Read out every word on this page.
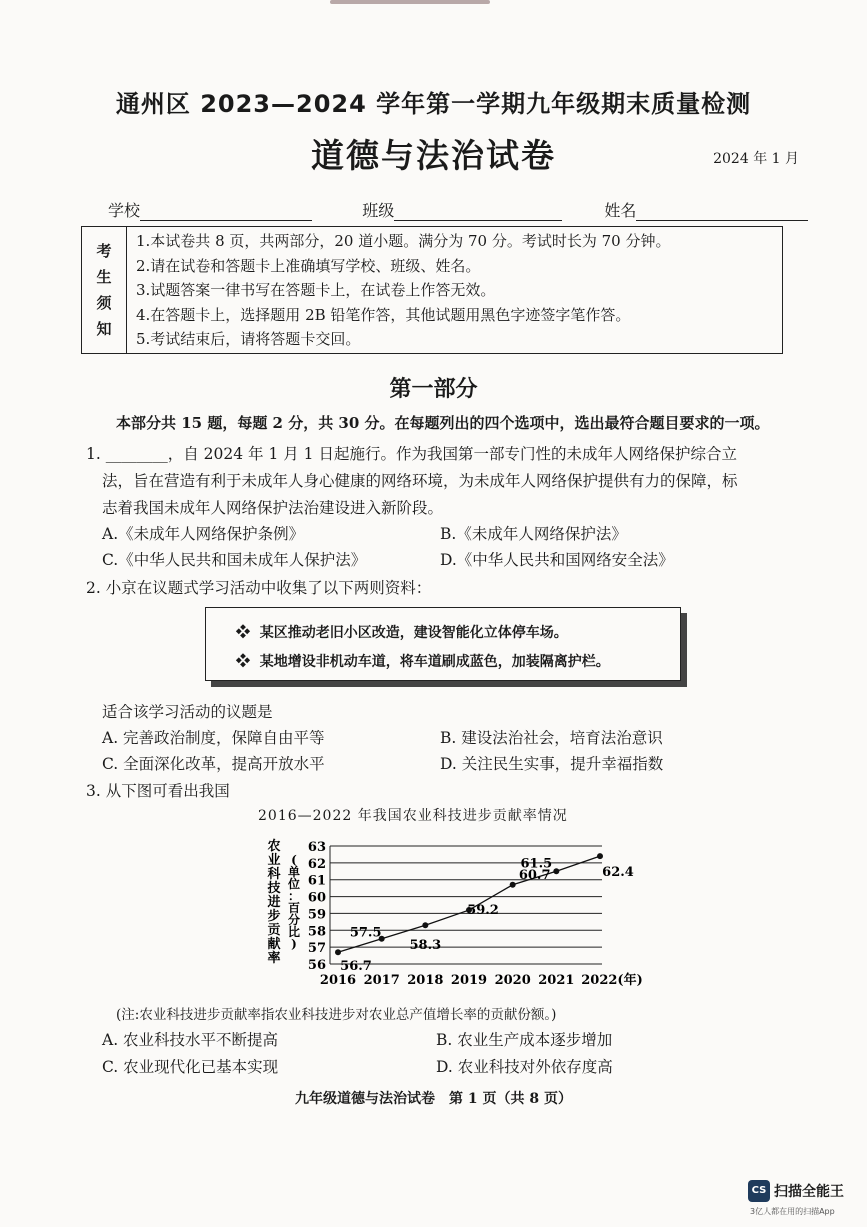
通州区 2023—2024 学年第一学期九年级期末质量检测
道德与法治试卷	2024 年 1 月
学校	班级	姓名
考
生
须
知
1.本试卷共 8 页，共两部分，20 道小题。满分为 70 分。考试时长为 70 分钟。
2.请在试卷和答题卡上准确填写学校、班级、姓名。
3.试题答案一律书写在答题卡上，在试卷上作答无效。
4.在答题卡上，选择题用 2B 铅笔作答，其他试题用黑色字迹签字笔作答。
5.考试结束后，请将答题卡交回。
第一部分
本部分共 15 题，每题 2 分，共 30 分。在每题列出的四个选项中，选出最符合题目要求的一项。
1. ________，自 2024 年 1 月 1 日起施行。作为我国第一部专门性的未成年人网络保护综合立
法，旨在营造有利于未成年人身心健康的网络环境，为未成年人网络保护提供有力的保障，标
志着我国未成年人网络保护法治建设进入新阶段。
A.《未成年人网络保护条例》	B.《未成年人网络保护法》
C.《中华人民共和国未成年人保护法》	D.《中华人民共和国网络安全法》
2. 小京在议题式学习活动中收集了以下两则资料：
❖ 某区推动老旧小区改造，建设智能化立体停车场。
❖ 某地增设非机动车道，将车道刷成蓝色，加装隔离护栏。
适合该学习活动的议题是
A. 完善政治制度，保障自由平等	B. 建设法治社会，培育法治意识
C. 全面深化改革，提高开放水平	D. 关注民生实事，提升幸福指数
3. 从下图可看出我国
2016—2022 年我国农业科技进步贡献率情况
农业科技进步贡献率
(单位：百分比)
56
57
58
59
60
61
62
63
2016 2017 2018 2019 2020 2021 2022(年)
56.7
57.5
58.3
59.2
60.7
61.5
62.4
(注:农业科技进步贡献率指农业科技进步对农业总产值增长率的贡献份额。)
A. 农业科技水平不断提高	B. 农业生产成本逐步增加
C. 农业现代化已基本实现	D. 农业科技对外依存度高
九年级道德与法治试卷　第 1 页（共 8 页）
CS 扫描全能王
3亿人都在用的扫描App
